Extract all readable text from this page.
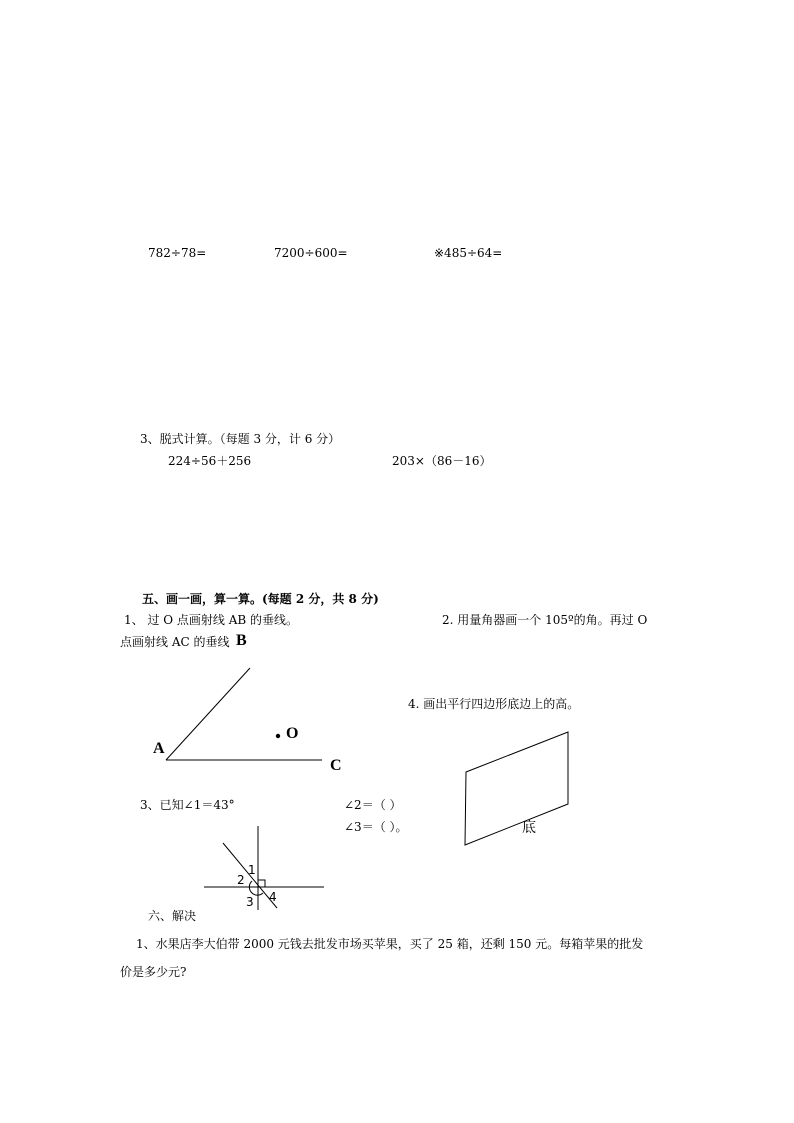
782÷78=	7200÷600=	※485÷64=
3、脱式计算。（每题 3 分，计 6 分）
224÷56＋256	203×（86－16）
五、画一画，算一算。(每题 2 分，共 8 分)
1、 过 O 点画射线 AB 的垂线。	2. 用量角器画一个 105º的角。再过 O
点画射线 AC 的垂线
4. 画出平行四边形底边上的高。
B
A
O
C
底
3、已知∠1＝43°	∠2＝（ ）
∠3＝（ ）。
1
2
3 4
六、解决
1、水果店李大伯带 2000 元钱去批发市场买苹果，买了 25 箱，还剩 150 元。每箱苹果的批发
价是多少元?
